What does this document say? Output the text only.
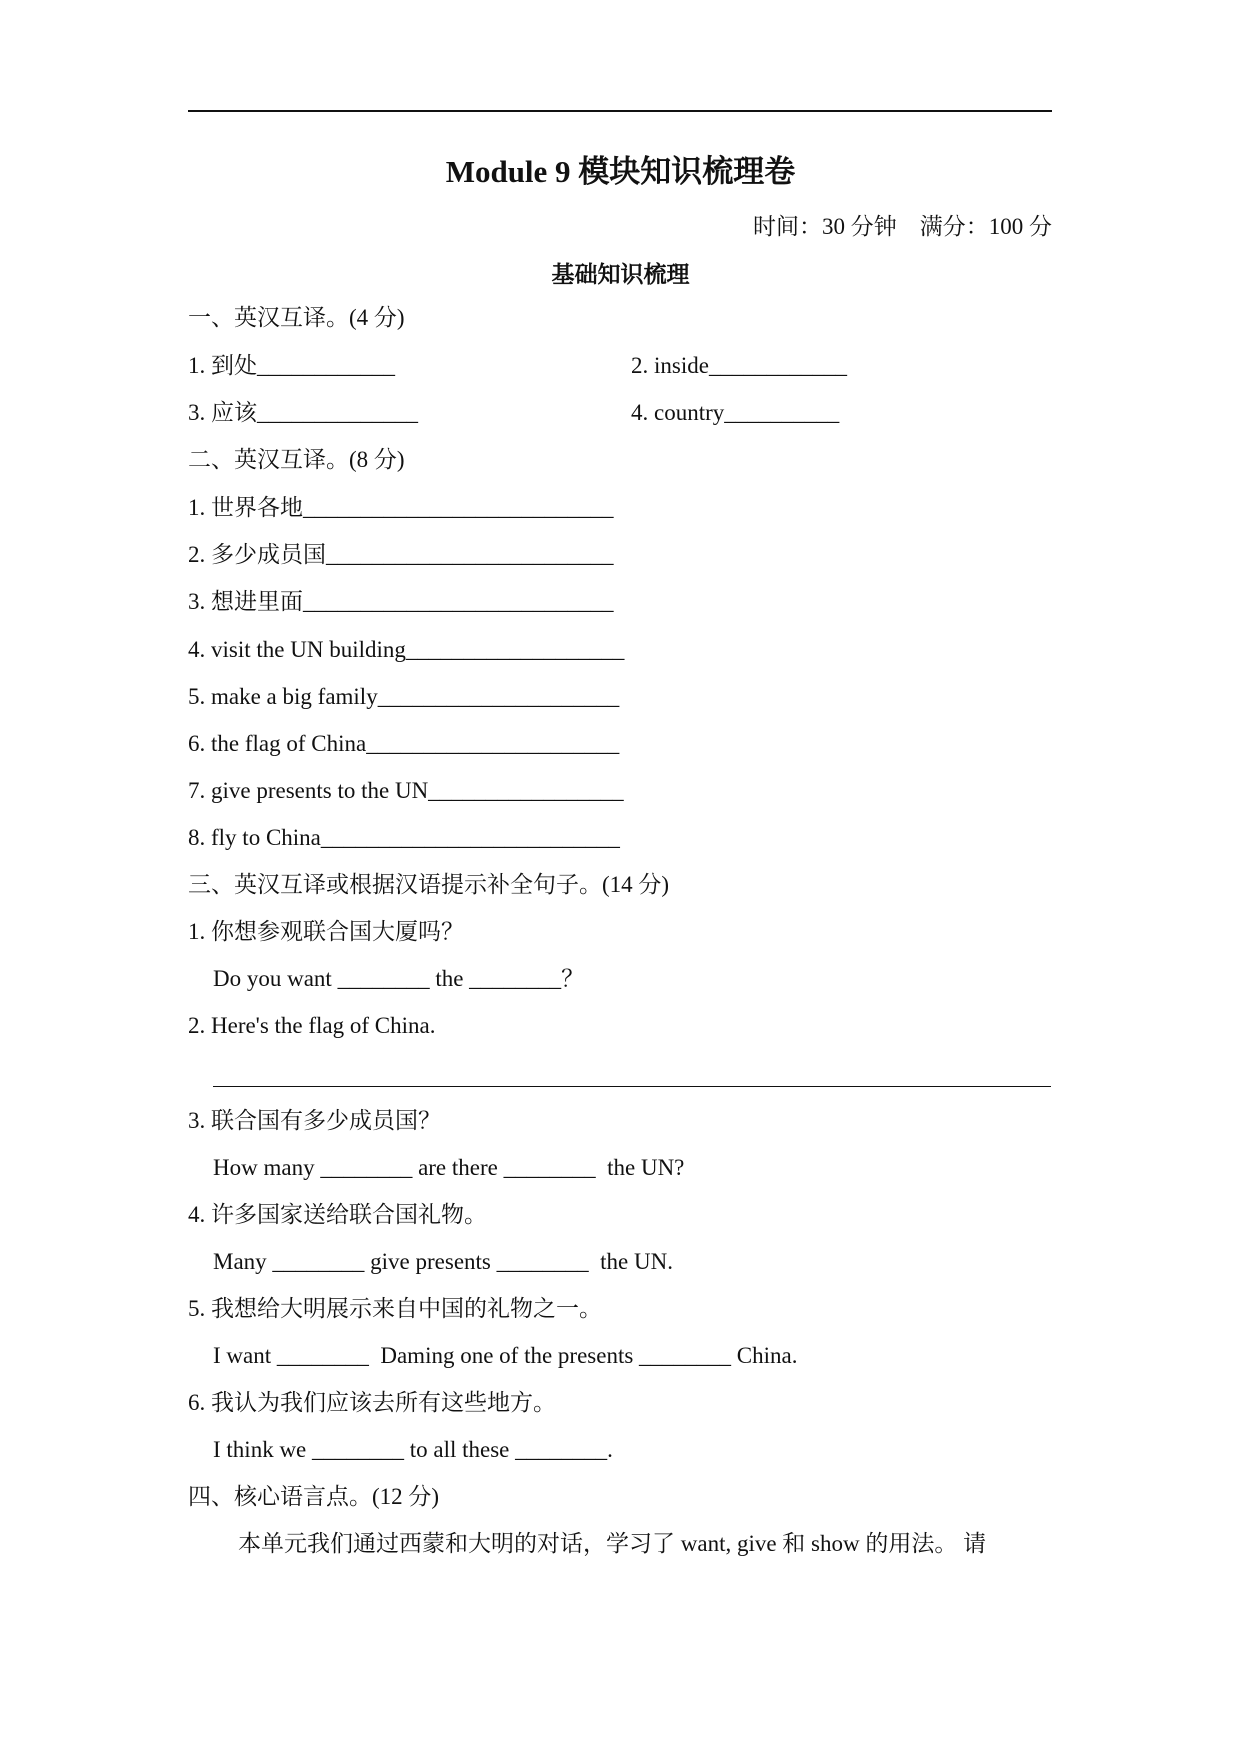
Module 9 模块知识梳理卷
时间：30 分钟    满分：100 分
基础知识梳理
一、英汉互译。(4 分)
1. 到处____________	2. inside____________
3. 应该______________	4. country__________
二、英汉互译。(8 分)
1. 世界各地___________________________
2. 多少成员国_________________________
3. 想进里面___________________________
4. visit the UN building___________________
5. make a big family_____________________
6. the flag of China______________________
7. give presents to the UN_________________
8. fly to China__________________________
三、英汉互译或根据汉语提示补全句子。(14 分)
1. 你想参观联合国大厦吗？
Do you want ________ the ________？
2. Here's the flag of China.
3. 联合国有多少成员国？
How many ________ are there ________  the UN?
4. 许多国家送给联合国礼物。
Many ________ give presents ________  the UN.
5. 我想给大明展示来自中国的礼物之一。
I want ________  Daming one of the presents ________ China.
6. 我认为我们应该去所有这些地方。
I think we ________ to all these ________.
四、核心语言点。(12 分)
本单元我们通过西蒙和大明的对话，学习了 want, give 和 show 的用法。 请
